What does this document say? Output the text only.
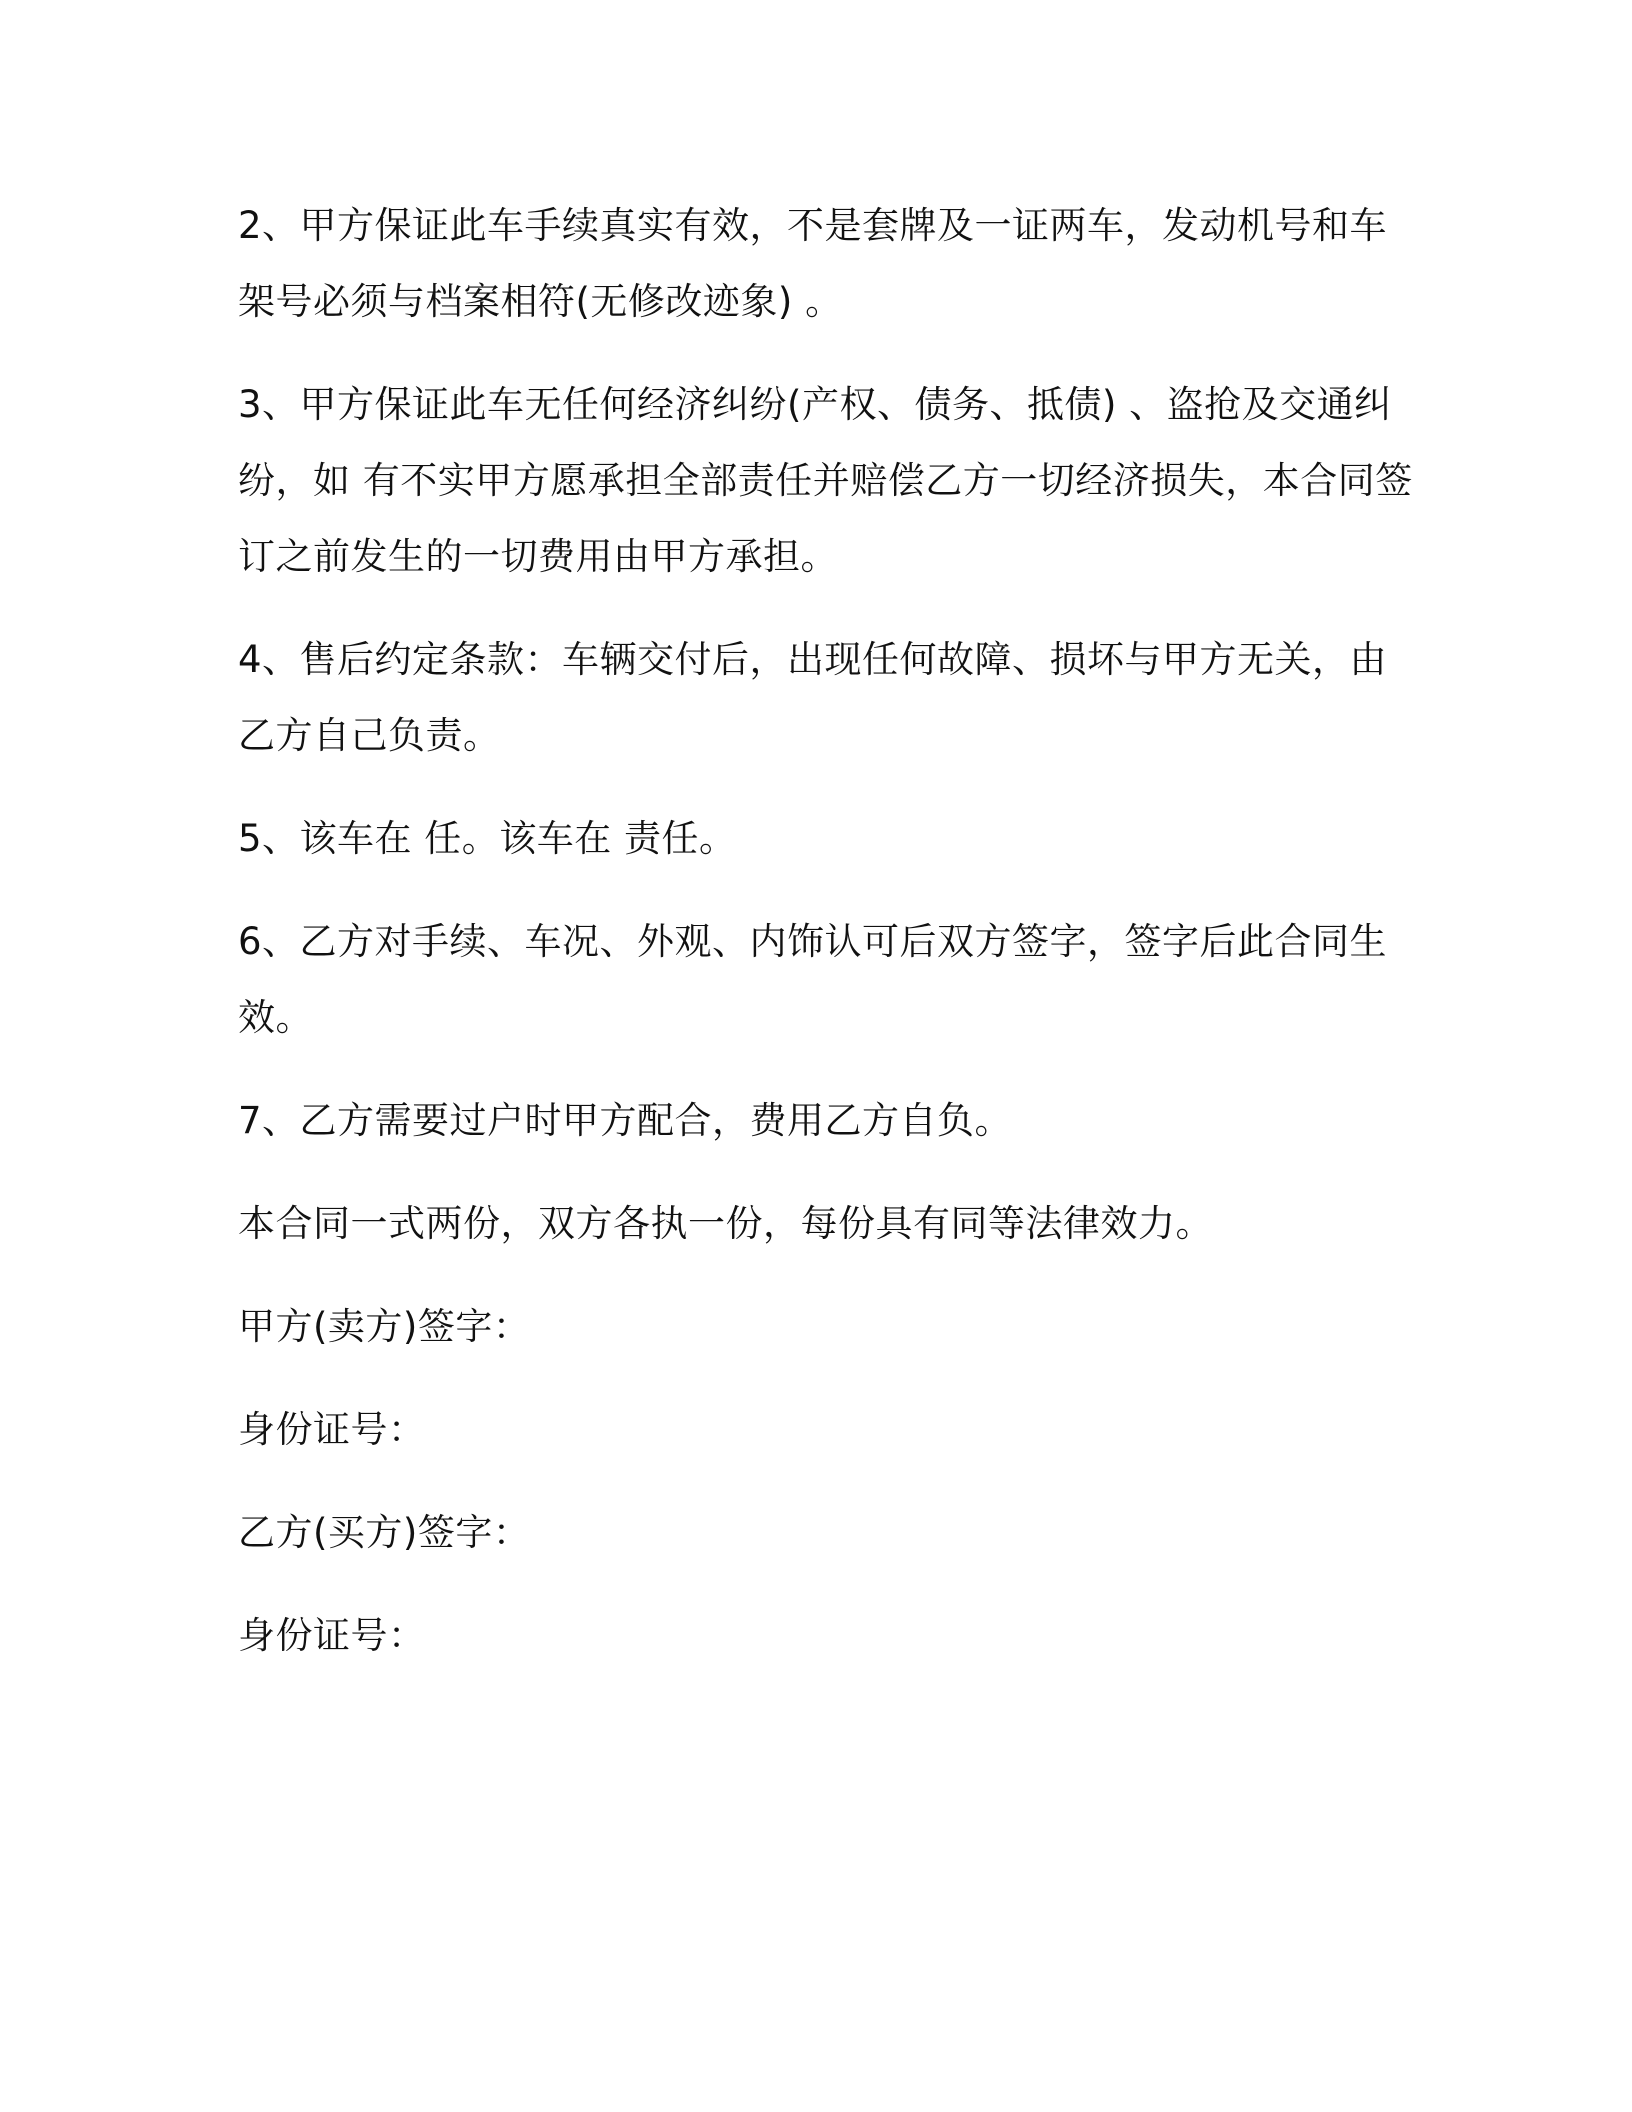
2、甲方保证此车手续真实有效，不是套牌及一证两车，发动机号和车架号必须与档案相符(无修改迹象) 。

3、甲方保证此车无任何经济纠纷(产权、债务、抵债) 、盗抢及交通纠纷，如 有不实甲方愿承担全部责任并赔偿乙方一切经济损失，本合同签订之前发生的一切费用由甲方承担。

4、售后约定条款：车辆交付后，出现任何故障、损坏与甲方无关，由乙方自己负责。

5、该车在 任。该车在 责任。

6、乙方对手续、车况、外观、内饰认可后双方签字，签字后此合同生效。

7、乙方需要过户时甲方配合，费用乙方自负。

本合同一式两份，双方各执一份，每份具有同等法律效力。

甲方(卖方)签字：

身份证号：

乙方(买方)签字：

身份证号：
